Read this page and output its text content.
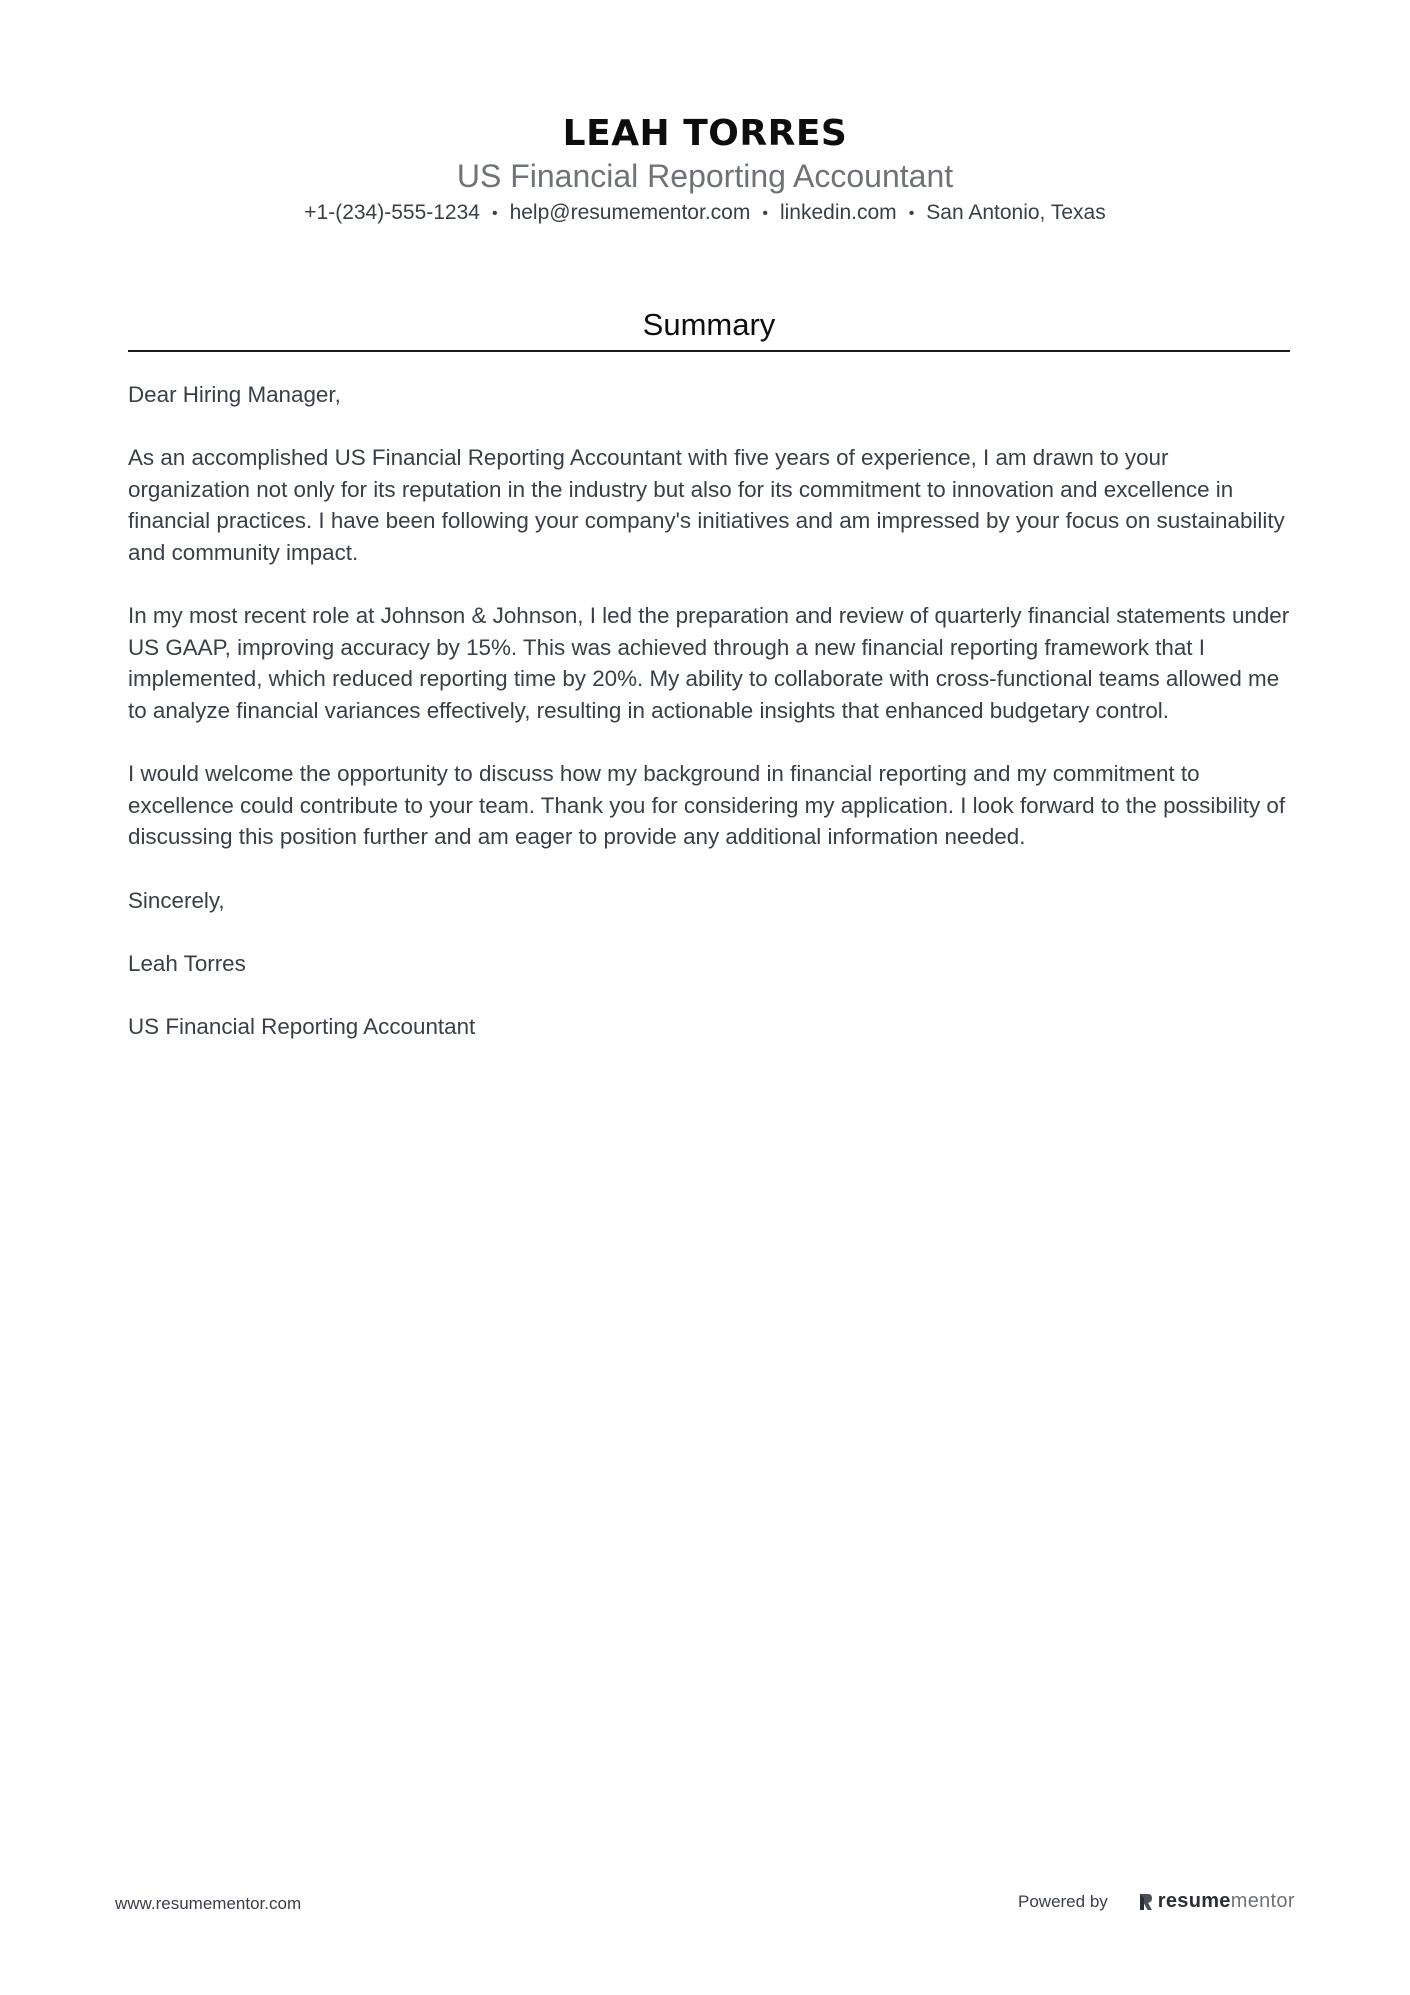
LEAH TORRES
US Financial Reporting Accountant
+1-(234)-555-1234 • help@resumementor.com • linkedin.com • San Antonio, Texas
Summary

Dear Hiring Manager,

As an accomplished US Financial Reporting Accountant with five years of experience, I am drawn to your organization not only for its reputation in the industry but also for its commitment to innovation and excellence in financial practices. I have been following your company's initiatives and am impressed by your focus on sustainability and community impact.

In my most recent role at Johnson & Johnson, I led the preparation and review of quarterly financial statements under US GAAP, improving accuracy by 15%. This was achieved through a new financial reporting framework that I implemented, which reduced reporting time by 20%. My ability to collaborate with cross-functional teams allowed me to analyze financial variances effectively, resulting in actionable insights that enhanced budgetary control.

I would welcome the opportunity to discuss how my background in financial reporting and my commitment to excellence could contribute to your team. Thank you for considering my application. I look forward to the possibility of discussing this position further and am eager to provide any additional information needed.

Sincerely,

Leah Torres

US Financial Reporting Accountant

www.resumementor.com	Powered by	resumementor
